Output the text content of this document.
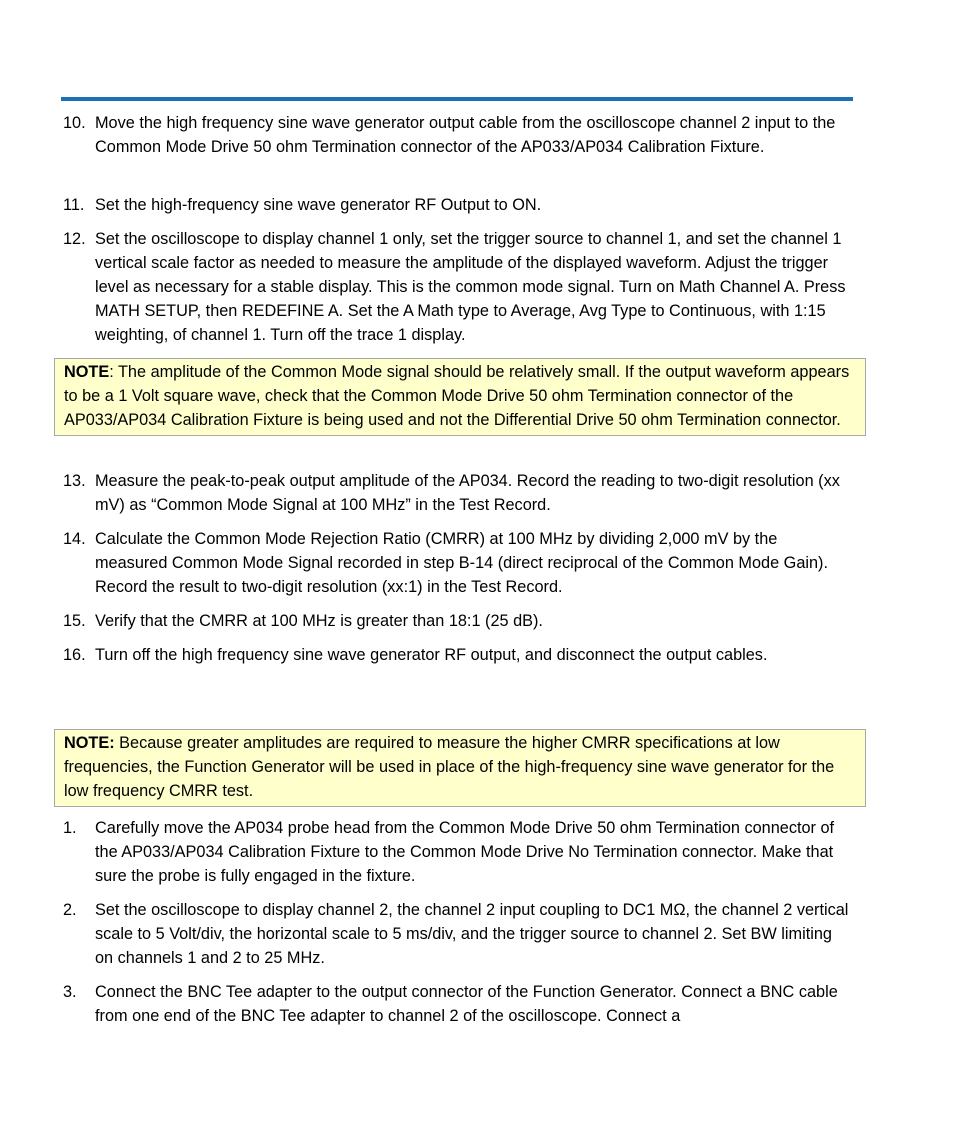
10. Move the high frequency sine wave generator output cable from the oscilloscope channel 2 input to the Common Mode Drive 50 ohm Termination connector of the AP033/AP034 Calibration Fixture.
11. Set the high-frequency sine wave generator RF Output to ON.
12. Set the oscilloscope to display channel 1 only, set the trigger source to channel 1, and set the channel 1 vertical scale factor as needed to measure the amplitude of the displayed waveform. Adjust the trigger level as necessary for a stable display. This is the common mode signal. Turn on Math Channel A. Press MATH SETUP, then REDEFINE A. Set the A Math type to Average, Avg Type to Continuous, with 1:15 weighting, of channel 1. Turn off the trace 1 display.
NOTE: The amplitude of the Common Mode signal should be relatively small. If the output waveform appears to be a 1 Volt square wave, check that the Common Mode Drive 50 ohm Termination connector of the AP033/AP034 Calibration Fixture is being used and not the Differential Drive 50 ohm Termination connector.
13. Measure the peak-to-peak output amplitude of the AP034. Record the reading to two-digit resolution (xx mV) as “Common Mode Signal at 100 MHz” in the Test Record.
14. Calculate the Common Mode Rejection Ratio (CMRR) at 100 MHz by dividing 2,000 mV by the measured Common Mode Signal recorded in step B-14 (direct reciprocal of the Common Mode Gain). Record the result to two-digit resolution (xx:1) in the Test Record.
15. Verify that the CMRR at 100 MHz is greater than 18:1 (25 dB).
16. Turn off the high frequency sine wave generator RF output, and disconnect the output cables.
NOTE: Because greater amplitudes are required to measure the higher CMRR specifications at low frequencies, the Function Generator will be used in place of the high-frequency sine wave generator for the low frequency CMRR test.
1.	Carefully move the AP034 probe head from the Common Mode Drive 50 ohm Termination connector of the AP033/AP034 Calibration Fixture to the Common Mode Drive No Termination connector. Make that sure the probe is fully engaged in the fixture.
2.	Set the oscilloscope to display channel 2, the channel 2 input coupling to DC1 MΩ, the channel 2 vertical scale to 5 Volt/div, the horizontal scale to 5 ms/div, and the trigger source to channel 2. Set BW limiting on channels 1 and 2 to 25 MHz.
3.	Connect the BNC Tee adapter to the output connector of the Function Generator. Connect a BNC cable from one end of the BNC Tee adapter to channel 2 of the oscilloscope. Connect a
